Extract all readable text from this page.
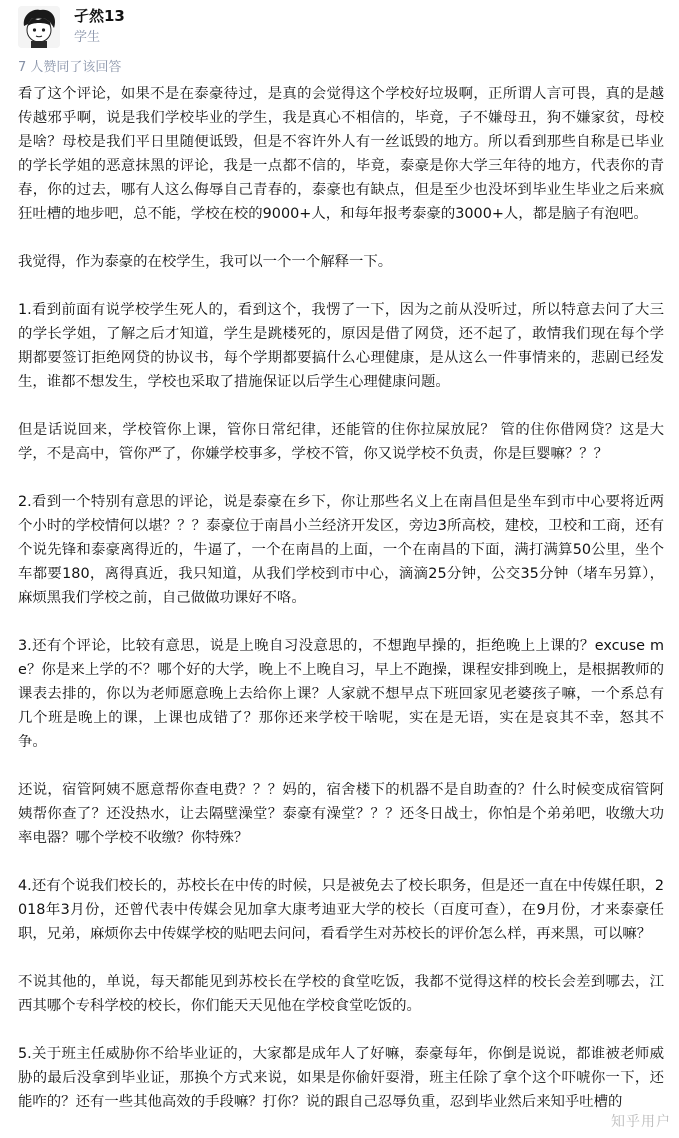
孑然13
学生
7 人赞同了该回答

看了这个评论，如果不是在泰豪待过，是真的会觉得这个学校好垃圾啊，正所谓人言可畏，真的是越传越邪乎啊，说是我们学校毕业的学生，我是真心不相信的，毕竟，子不嫌母丑，狗不嫌家贫，母校是啥？母校是我们平日里随便诋毁，但是不容许外人有一丝诋毁的地方。所以看到那些自称是已毕业的学长学姐的恶意抹黑的评论，我是一点都不信的，毕竟，泰豪是你大学三年待的地方，代表你的青春，你的过去，哪有人这么侮辱自己青春的，泰豪也有缺点，但是至少也没坏到毕业生毕业之后来疯狂吐槽的地步吧，总不能，学校在校的9000+人，和每年报考泰豪的3000+人，都是脑子有泡吧。

我觉得，作为泰豪的在校学生，我可以一个一个解释一下。

1.看到前面有说学校学生死人的，看到这个，我愣了一下，因为之前从没听过，所以特意去问了大三的学长学姐，了解之后才知道，学生是跳楼死的，原因是借了网贷，还不起了，敢情我们现在每个学期都要签订拒绝网贷的协议书，每个学期都要搞什么心理健康，是从这么一件事情来的，悲剧已经发生，谁都不想发生，学校也采取了措施保证以后学生心理健康问题。

但是话说回来，学校管你上课，管你日常纪律，还能管的住你拉屎放屁？ 管的住你借网贷？这是大学，不是高中，管你严了，你嫌学校事多，学校不管，你又说学校不负责，你是巨婴嘛？？？

2.看到一个特别有意思的评论，说是泰豪在乡下，你让那些名义上在南昌但是坐车到市中心要将近两个小时的学校情何以堪？？？泰豪位于南昌小兰经济开发区，旁边3所高校，建校，卫校和工商，还有个说先锋和泰豪离得近的，牛逼了，一个在南昌的上面，一个在南昌的下面，满打满算50公里，坐个车都要180，离得真近，我只知道，从我们学校到市中心，滴滴25分钟，公交35分钟（堵车另算），麻烦黑我们学校之前，自己做做功课好不咯。

3.还有个评论，比较有意思，说是上晚自习没意思的，不想跑早操的，拒绝晚上上课的？excuse me？你是来上学的不？哪个好的大学，晚上不上晚自习，早上不跑操，课程安排到晚上，是根据教师的课表去排的，你以为老师愿意晚上去给你上课？人家就不想早点下班回家见老婆孩子嘛，一个系总有几个班是晚上的课，上课也成错了？那你还来学校干啥呢，实在是无语，实在是哀其不幸，怒其不争。

还说，宿管阿姨不愿意帮你查电费？？？妈的，宿舍楼下的机器不是自助查的？什么时候变成宿管阿姨帮你查了？还没热水，让去隔壁澡堂？泰豪有澡堂？？？还冬日战士，你怕是个弟弟吧，收缴大功率电器？哪个学校不收缴？你特殊？

4.还有个说我们校长的，苏校长在中传的时候，只是被免去了校长职务，但是还一直在中传媒任职，2018年3月份，还曾代表中传媒会见加拿大康考迪亚大学的校长（百度可查），在9月份，才来泰豪任职，兄弟，麻烦你去中传媒学校的贴吧去问问，看看学生对苏校长的评价怎么样，再来黑，可以嘛？

不说其他的，单说，每天都能见到苏校长在学校的食堂吃饭，我都不觉得这样的校长会差到哪去，江西其哪个专科学校的校长，你们能天天见他在学校食堂吃饭的。

5.关于班主任威胁你不给毕业证的，大家都是成年人了好嘛，泰豪每年，你倒是说说，都谁被老师威胁的最后没拿到毕业证，那换个方式来说，如果是你偷奸耍滑，班主任除了拿个这个吓唬你一下，还能咋的？还有一些其他高效的手段嘛？打你？说的跟自己忍辱负重，忍到毕业然后来知乎吐槽的

知乎用户
